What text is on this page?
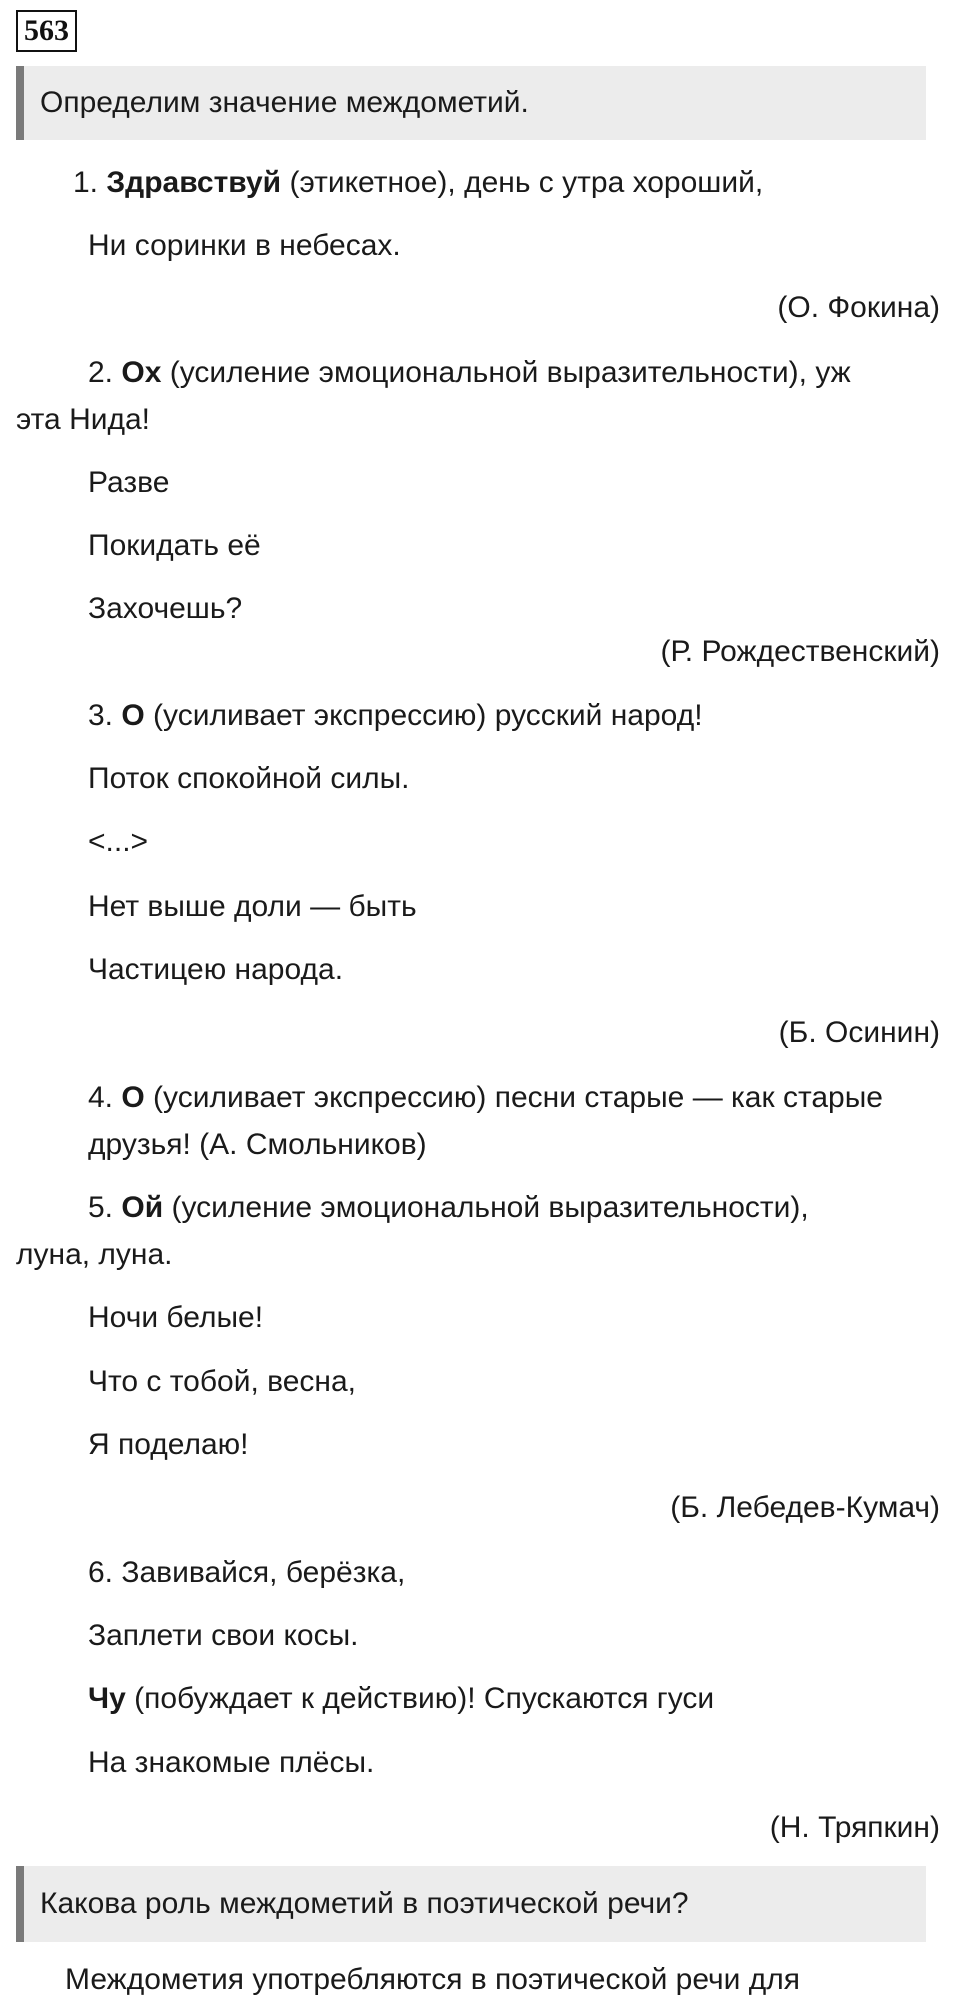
563
Определим значение междометий.
1. Здравствуй (этикетное), день с утра хороший,
Ни соринки в небесах.
(О. Фокина)
2. Ох (усиление эмоциональной выразительности), уж
эта Нида!
Разве
Покидать её
Захочешь?
(Р. Рождественский)
3. О (усиливает экспрессию) русский народ!
Поток спокойной силы.
<...>
Нет выше доли — быть
Частицею народа.
(Б. Осинин)
4. О (усиливает экспрессию) песни старые — как старые
друзья! (А. Смольников)
5. Ой (усиление эмоциональной выразительности),
луна, луна.
Ночи белые!
Что с тобой, весна,
Я поделаю!
(Б. Лебедев-Кумач)
6. Завивайся, берёзка,
Заплети свои косы.
Чу (побуждает к действию)! Спускаются гуси
На знакомые плёсы.
(Н. Тряпкин)
Какова роль междометий в поэтической речи?
Междометия употребляются в поэтической речи для
